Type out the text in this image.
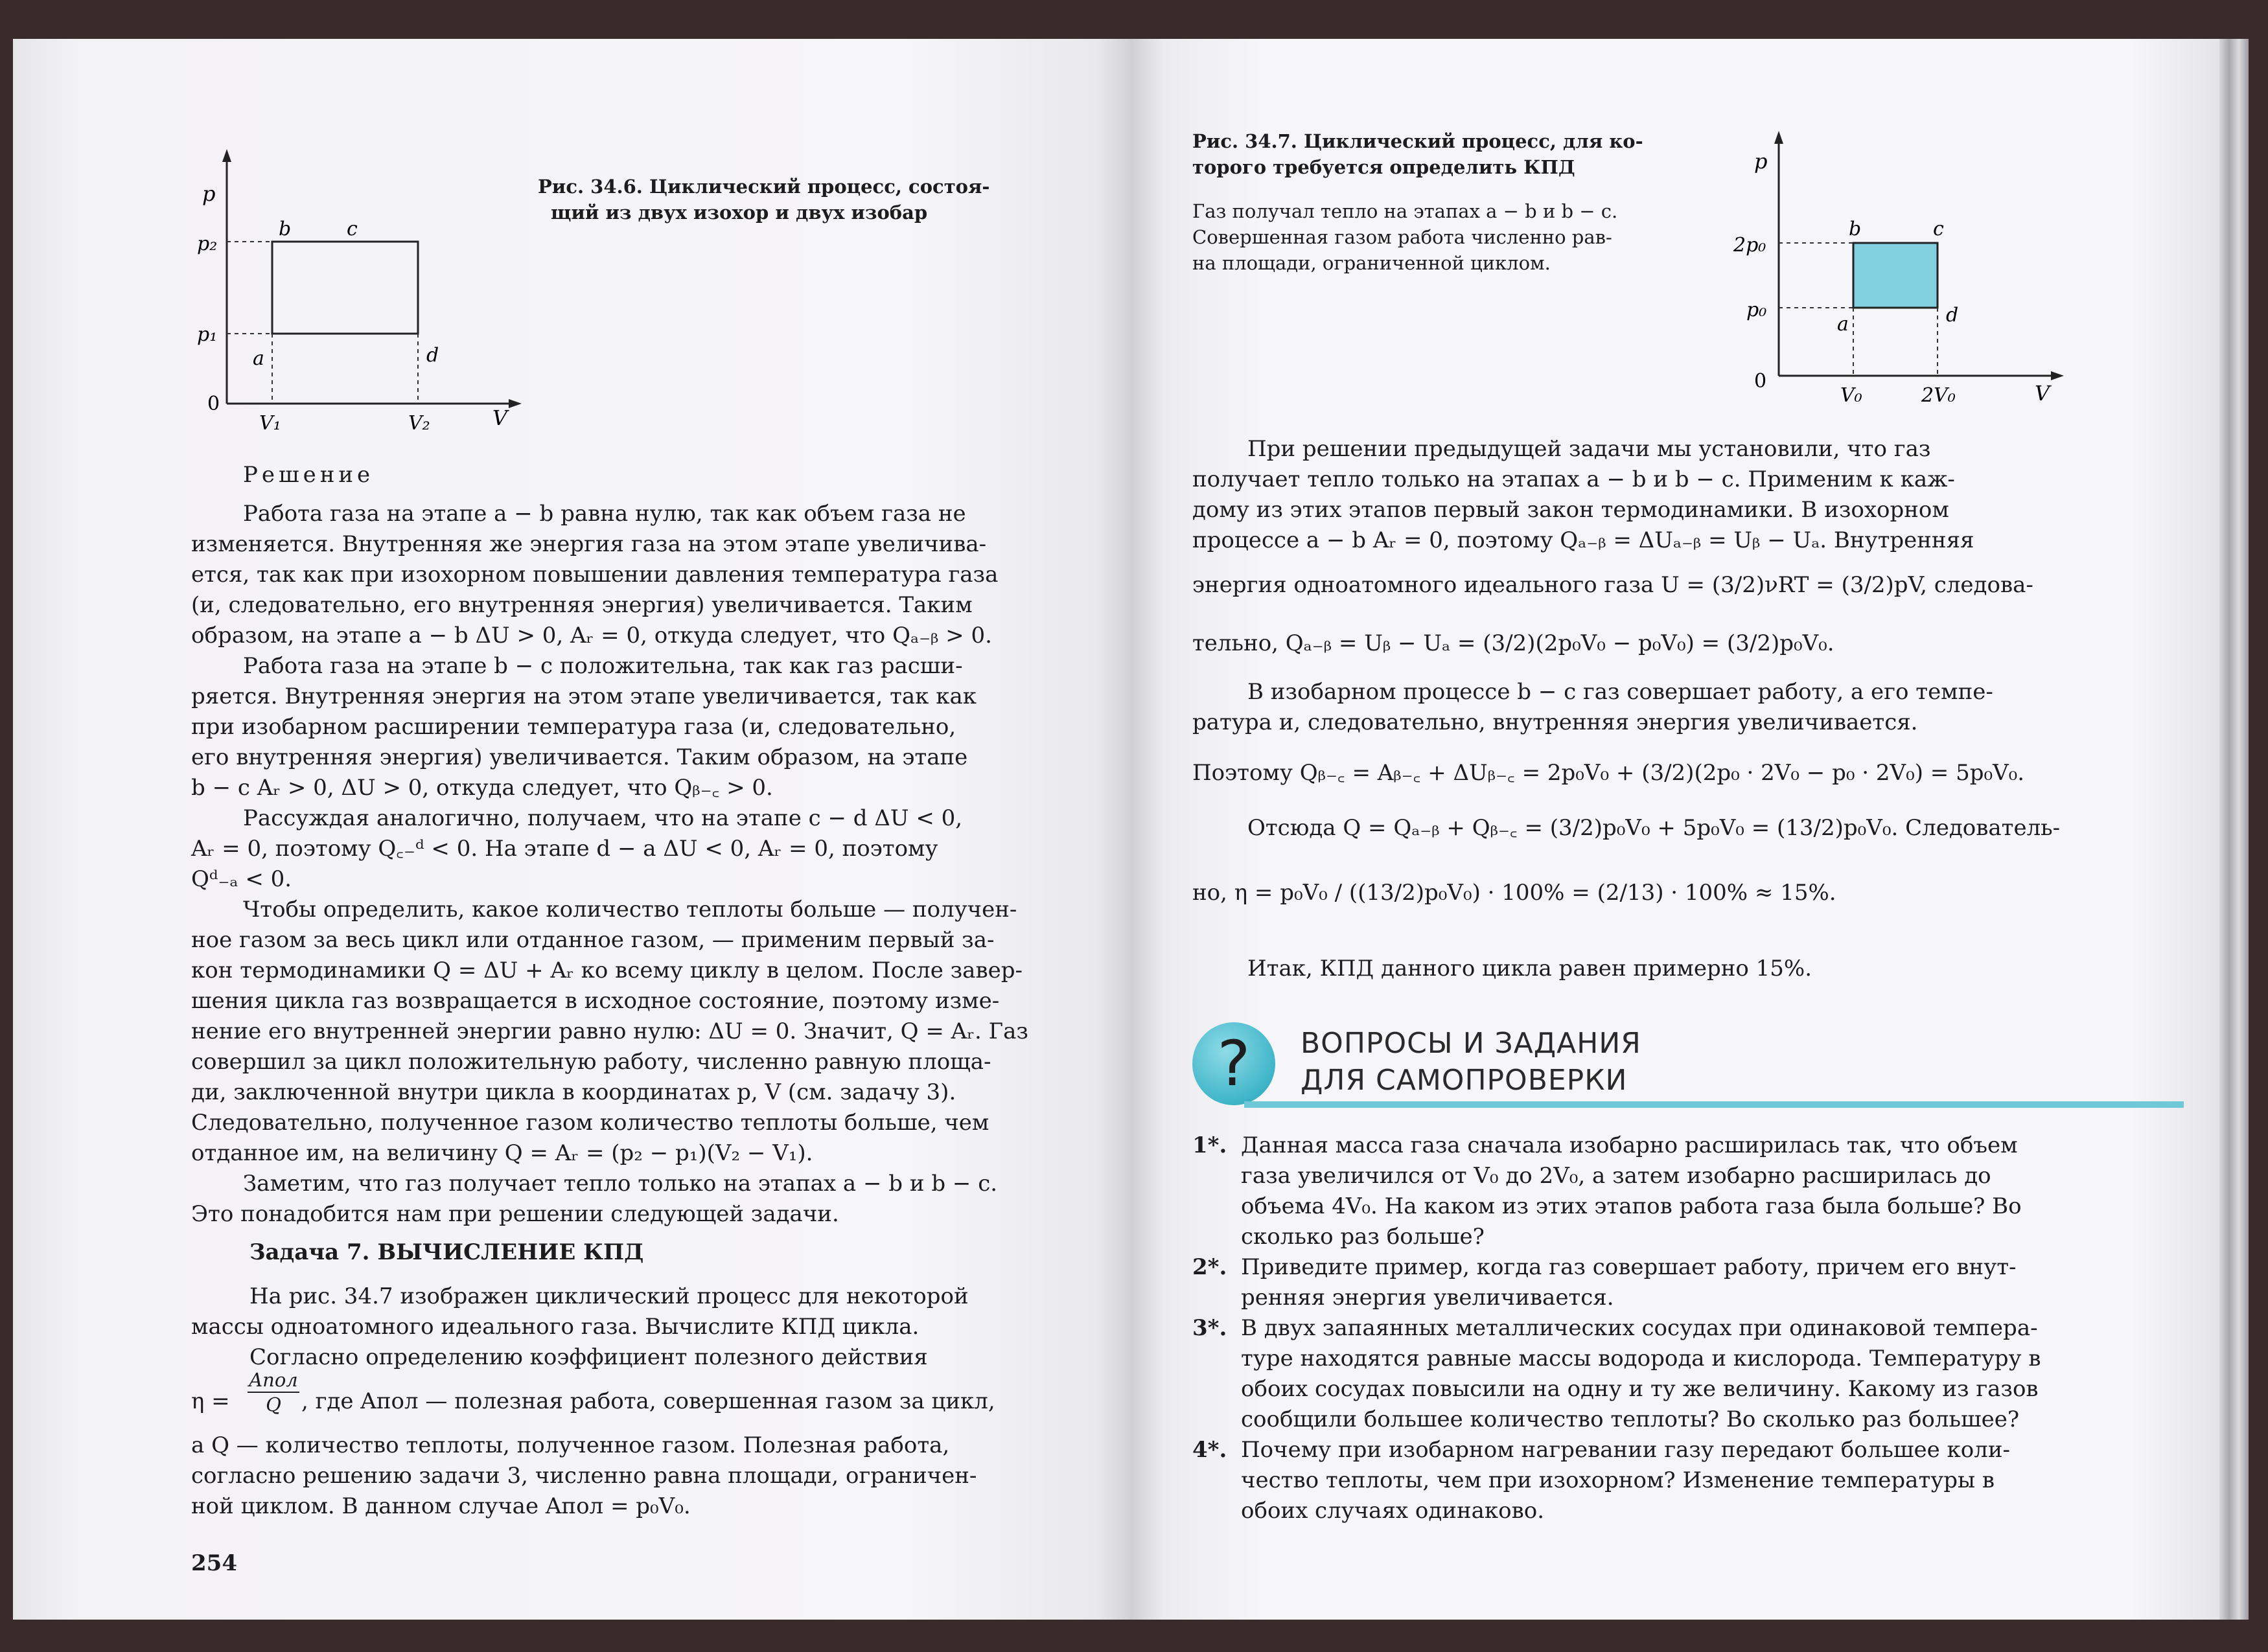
p
V
0
p₂
p₁
V₁	V₂
b	c
a	d

Рис. 34.6. Циклический процесс, состоя-

щий из двух изохор и двух изобар

Решение

Работа газа на этапе a − b равна нулю, так как объем газа не

изменяется. Внутренняя же энергия газа на этом этапе увеличива-

ется, так как при изохорном повышении давления температура газа

(и, следовательно, его внутренняя энергия) увеличивается. Таким

образом, на этапе a − b ΔU > 0, Aᵣ = 0, откуда следует, что Qₐ₋ᵦ > 0.

Работа газа на этапе b − c положительна, так как газ расши-

ряется. Внутренняя энергия на этом этапе увеличивается, так как

при изобарном расширении температура газа (и, следовательно,

его внутренняя энергия) увеличивается. Таким образом, на этапе

b − c Aᵣ > 0, ΔU > 0, откуда следует, что Qᵦ₋꜀ > 0.

Рассуждая аналогично, получаем, что на этапе c − d ΔU < 0,

Aᵣ = 0, поэтому Q꜀₋ᵈ < 0. На этапе d − a ΔU < 0, Aᵣ = 0, поэтому

Qᵈ₋ₐ < 0.

Чтобы определить, какое количество теплоты больше — получен-

ное газом за весь цикл или отданное газом, — применим первый за-

кон термодинамики Q = ΔU + Aᵣ ко всему циклу в целом. После завер-

шения цикла газ возвращается в исходное состояние, поэтому изме-

нение его внутренней энергии равно нулю: ΔU = 0. Значит, Q = Aᵣ. Газ

совершил за цикл положительную работу, численно равную площа-

ди, заключенной внутри цикла в координатах p, V (см. задачу 3).

Следовательно, полученное газом количество теплоты больше, чем

отданное им, на величину Q = Aᵣ = (p₂ − p₁)(V₂ − V₁).

Заметим, что газ получает тепло только на этапах a − b и b − c.

Это понадобится нам при решении следующей задачи.

Задача 7. ВЫЧИСЛЕНИЕ КПД

На рис. 34.7 изображен циклический процесс для некоторой

массы одноатомного идеального газа. Вычислите КПД цикла.

Согласно определению коэффициент полезного действия

η =

Aпол
Q , где Aпол — полезная работа, совершенная газом за цикл,

а Q — количество теплоты, полученное газом. Полезная работа,

согласно решению задачи 3, численно равна площади, ограничен-

ной циклом. В данном случае Aпол = p₀V₀.

254

Рис. 34.7. Циклический процесс, для ко-

торого требуется определить КПД

Газ получал тепло на этапах a − b и b − c.

Совершенная газом работа численно рав-

на площади, ограниченной циклом.

p
V
0
2p₀
p₀
V₀	2V₀
b	c
a	d

При решении предыдущей задачи мы установили, что газ

получает тепло только на этапах a − b и b − c. Применим к каж-

дому из этих этапов первый закон термодинамики. В изохорном

процессе a − b Aᵣ = 0, поэтому Qₐ₋ᵦ = ΔUₐ₋ᵦ = Uᵦ − Uₐ. Внутренняя

энергия одноатомного идеального газа U = (3/2)νRT = (3/2)pV, следова-

тельно, Qₐ₋ᵦ = Uᵦ − Uₐ = (3/2)(2p₀V₀ − p₀V₀) = (3/2)p₀V₀.

В изобарном процессе b − c газ совершает работу, а его темпе-

ратура и, следовательно, внутренняя энергия увеличивается.

Поэтому Qᵦ₋꜀ = Aᵦ₋꜀ + ΔUᵦ₋꜀ = 2p₀V₀ + (3/2)(2p₀ · 2V₀ − p₀ · 2V₀) = 5p₀V₀.

Отсюда Q = Qₐ₋ᵦ + Qᵦ₋꜀ = (3/2)p₀V₀ + 5p₀V₀ = (13/2)p₀V₀. Следователь-

но, η = p₀V₀ / ((13/2)p₀V₀) · 100% = (2/13) · 100% ≈ 15%.

Итак, КПД данного цикла равен примерно 15%.

?	ВОПРОСЫ И ЗАДАНИЯ

ДЛЯ САМОПРОВЕРКИ

1*. Данная масса газа сначала изобарно расширилась так, что объем

газа увеличился от V₀ до 2V₀, а затем изобарно расширилась до

объема 4V₀. На каком из этих этапов работа газа была больше? Во

сколько раз больше?

2*. Приведите пример, когда газ совершает работу, причем его внут-

ренняя энергия увеличивается.

3*. В двух запаянных металлических сосудах при одинаковой темпера-

туре находятся равные массы водорода и кислорода. Температуру в

обоих сосудах повысили на одну и ту же величину. Какому из газов

сообщили большее количество теплоты? Во сколько раз большее?

4*. Почему при изобарном нагревании газу передают большее коли-

чество теплоты, чем при изохорном? Изменение температуры в

обоих случаях одинаково.
